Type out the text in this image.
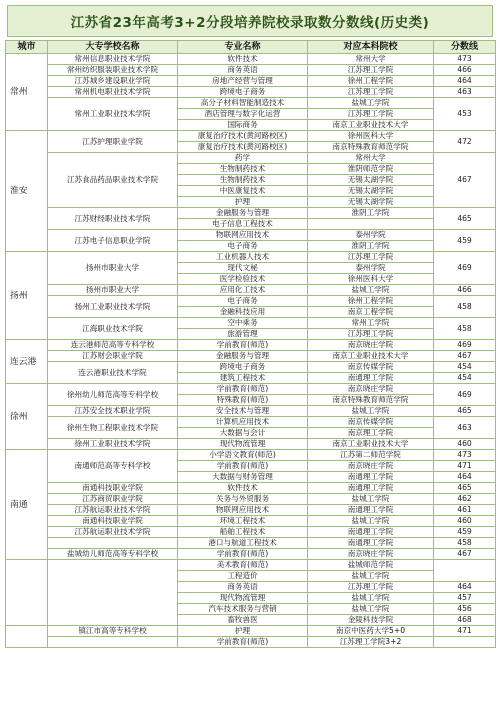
江苏省23年高考3+2分段培养院校录取数分数线(历史类)
城市	大专学校名称	专业名称	对应本科院校	分数线
常州	常州信息职业技术学院	软件技术	常州大学	473
	常州纺织服装职业技术学院	商务英语	江苏理工学院	466
	江苏城乡建设职业学院	房地产经营与管理	徐州工程学院	464
	常州机电职业技术学院	跨境电子商务	江苏理工学院	463
	常州工业职业技术学院	高分子材料智能制造技术	盐城工学院	453
		酒店管理与数字化运营	江苏理工学院	
		国际商务	南京工业职业技术大学	
淮安	江苏护理职业学院	康复治疗技术(黄河路校区)	徐州医科大学	472
		康复治疗技术(黄河路校区)	南京特殊教育师范学院	
	江苏食品药品职业技术学院	药学	常州大学	467
		生物制药技术	淮阴师范学院	
		生物制药技术	无锡太湖学院	
		中医康复技术	无锡太湖学院	
		护理	无锡太湖学院	
	江苏财经职业技术学院	金融服务与管理	淮阴工学院	465
		电子信息工程技术		
	江苏电子信息职业学院	物联网应用技术	泰州学院	459
		电子商务	淮阴工学院	
扬州	扬州市职业大学	工业机器人技术	江苏理工学院	469
		现代文秘	泰州学院	
		医学检验技术	徐州医科大学	
	扬州市职业大学	应用化工技术	盐城工学院	466
	扬州工业职业技术学院	电子商务	徐州工程学院	458
		金融科技应用	南京工程学院	
	江海职业技术学院	空中乘务	常州工学院	458
		旅游管理	江苏理工学院	
连云港	连云港师范高等专科学校	学前教育(师范)	南京晓庄学院	469
	江苏财会职业学院	金融服务与管理	南京工业职业技术大学	467
	连云港职业技术学院	跨境电子商务	南京传媒学院	454
		建筑工程技术	南通理工学院	454
徐州	徐州幼儿师范高等专科学校	学前教育(师范)	南京晓庄学院	469
		特殊教育(师范)	南京特殊教育师范学院	
	江苏安全技术职业学院	安全技术与管理	盐城工学院	465
	徐州生物工程职业技术学院	计算机应用技术	南京传媒学院	463
		大数据与会计	南京理工学院	
	徐州工业职业技术学院	现代物流管理	南京工业职业技术大学	460
南通	南通师范高等专科学校	小学语文教育(师范)	江苏第二师范学院	473
		学前教育(师范)	南京晓庄学院	471
		大数据与财务管理	南通理工学院	464
	南通科技职业学院	软件技术	南通理工学院	465
	江苏商贸职业学院	关务与外贸服务	盐城工学院	462
	江苏航运职业技术学院	物联网应用技术	南通理工学院	461
	南通科技职业学院	环境工程技术	盐城工学院	460
	江苏航运职业技术学院	船舶工程技术	南通理工学院	459
		港口与航道工程技术	南通理工学院	458
	盐城幼儿师范高等专科学校	学前教育(师范)	南京晓庄学院	467
		美术教育(师范)	盐城师范学院	
		工程造价	盐城工学院	
		商务英语	江苏理工学院	464
		现代物流管理	盐城工学院	457
		汽车技术服务与营销	盐城工学院	456
		畜牧兽医	金陵科技学院	468
	镇江市高等专科学校	护理	南京中医药大学5+0	471
		学前教育(师范)	江苏理工学院3+2	
